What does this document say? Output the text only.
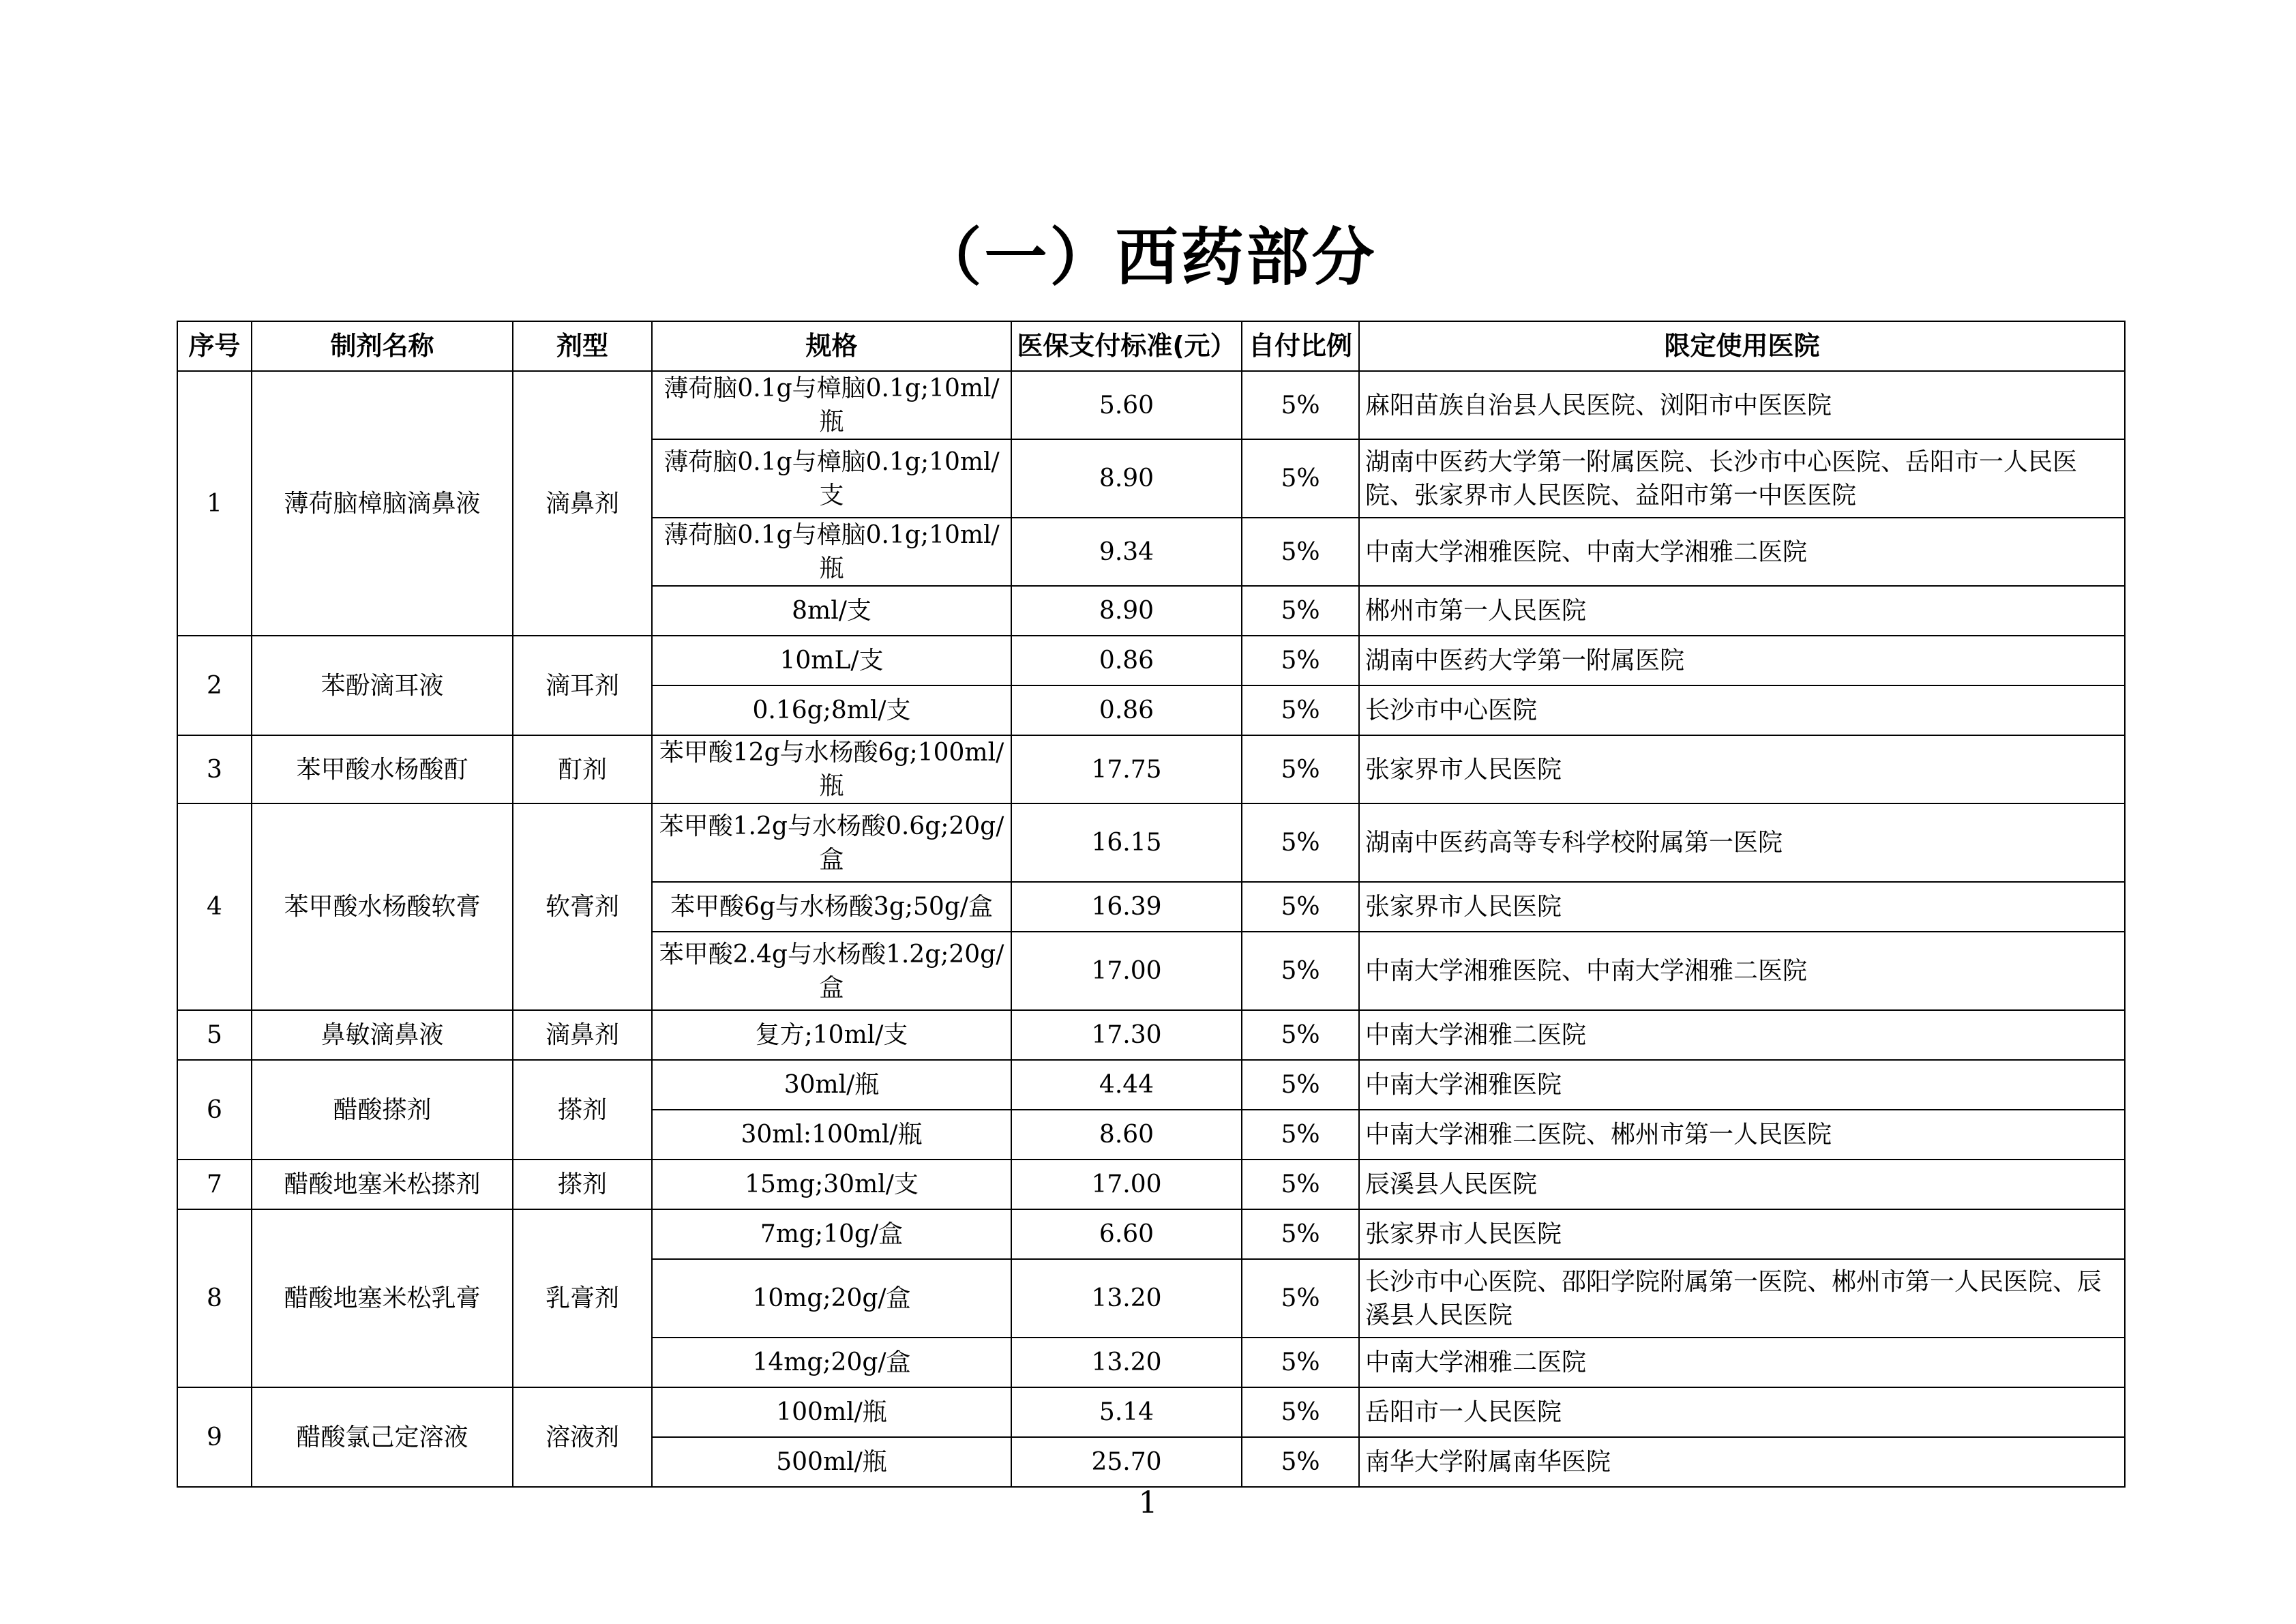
（一）西药部分
序号	制剂名称	剂型	规格	医保支付标准(元）	自付比例	限定使用医院
1	薄荷脑樟脑滴鼻液	滴鼻剂	薄荷脑0.1g与樟脑0.1g;10ml/瓶	5.60	5%	麻阳苗族自治县人民医院、浏阳市中医医院
			薄荷脑0.1g与樟脑0.1g;10ml/支	8.90	5%	湖南中医药大学第一附属医院、长沙市中心医院、岳阳市一人民医院、张家界市人民医院、益阳市第一中医医院
			薄荷脑0.1g与樟脑0.1g;10ml/瓶	9.34	5%	中南大学湘雅医院、中南大学湘雅二医院
			8ml/支	8.90	5%	郴州市第一人民医院
2	苯酚滴耳液	滴耳剂	10mL/支	0.86	5%	湖南中医药大学第一附属医院
			0.16g;8ml/支	0.86	5%	长沙市中心医院
3	苯甲酸水杨酸酊	酊剂	苯甲酸12g与水杨酸6g;100ml/瓶	17.75	5%	张家界市人民医院
4	苯甲酸水杨酸软膏	软膏剂	苯甲酸1.2g与水杨酸0.6g;20g/盒	16.15	5%	湖南中医药高等专科学校附属第一医院
			苯甲酸6g与水杨酸3g;50g/盒	16.39	5%	张家界市人民医院
			苯甲酸2.4g与水杨酸1.2g;20g/盒	17.00	5%	中南大学湘雅医院、中南大学湘雅二医院
5	鼻敏滴鼻液	滴鼻剂	复方;10ml/支	17.30	5%	中南大学湘雅二医院
6	醋酸搽剂	搽剂	30ml/瓶	4.44	5%	中南大学湘雅医院
			30ml:100ml/瓶	8.60	5%	中南大学湘雅二医院、郴州市第一人民医院
7	醋酸地塞米松搽剂	搽剂	15mg;30ml/支	17.00	5%	辰溪县人民医院
8	醋酸地塞米松乳膏	乳膏剂	7mg;10g/盒	6.60	5%	张家界市人民医院
			10mg;20g/盒	13.20	5%	长沙市中心医院、邵阳学院附属第一医院、郴州市第一人民医院、辰溪县人民医院
			14mg;20g/盒	13.20	5%	中南大学湘雅二医院
9	醋酸氯己定溶液	溶液剂	100ml/瓶	5.14	5%	岳阳市一人民医院
			500ml/瓶	25.70	5%	南华大学附属南华医院
1
